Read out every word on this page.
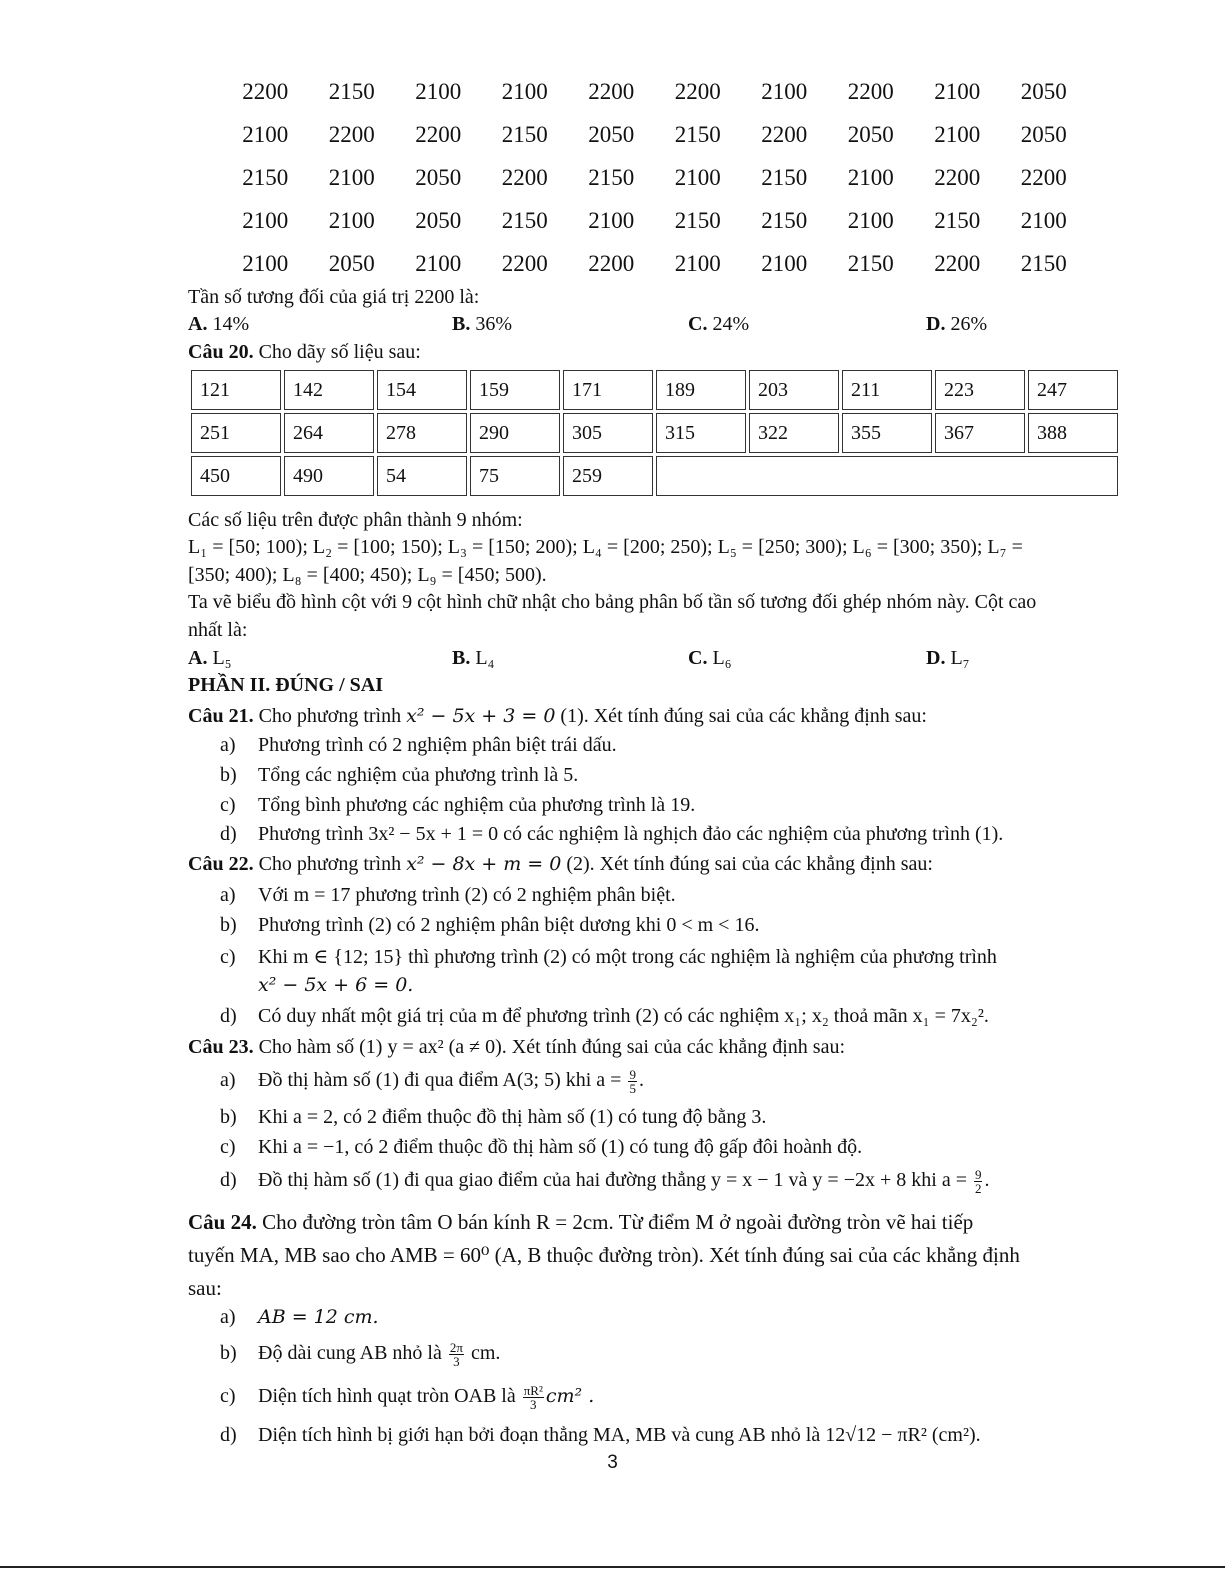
2200	2150	2100	2100	2200	2200	2100	2200	2100	2050
2100	2200	2200	2150	2050	2150	2200	2050	2100	2050
2150	2100	2050	2200	2150	2100	2150	2100	2200	2200
2100	2100	2050	2150	2100	2150	2150	2100	2150	2100
2100	2050	2100	2200	2200	2100	2100	2150	2200	2150
Tần số tương đối của giá trị 2200 là:
A. 14%	B. 36%	C. 24%	D. 26%
Câu 20. Cho dãy số liệu sau:
121	142	154	159	171	189	203	211	223	247
251	264	278	290	305	315	322	355	367	388
450	490	54	75	259					
Các số liệu trên được phân thành 9 nhóm:
L₁ = [50; 100); L₂ = [100; 150); L₃ = [150; 200); L₄ = [200; 250); L₅ = [250; 300); L₆ = [300; 350); L₇ =
[350; 400); L₈ = [400; 450); L₉ = [450; 500).
Ta vẽ biểu đồ hình cột với 9 cột hình chữ nhật cho bảng phân bố tần số tương đối ghép nhóm này. Cột cao
nhất là:
A. L₅	B. L₄	C. L₆	D. L₇
PHẦN II. ĐÚNG / SAI
Câu 21. Cho phương trình x² − 5x + 3 = 0 (1). Xét tính đúng sai của các khẳng định sau:
a) Phương trình có 2 nghiệm phân biệt trái dấu.
b) Tổng các nghiệm của phương trình là 5.
c) Tổng bình phương các nghiệm của phương trình là 19.
d) Phương trình 3x² − 5x + 1 = 0 có các nghiệm là nghịch đảo các nghiệm của phương trình (1).
Câu 22. Cho phương trình x² − 8x + m = 0 (2). Xét tính đúng sai của các khẳng định sau:
a) Với m = 17 phương trình (2) có 2 nghiệm phân biệt.
b) Phương trình (2) có 2 nghiệm phân biệt dương khi 0 < m < 16.
c) Khi m ∈ {12; 15} thì phương trình (2) có một trong các nghiệm là nghiệm của phương trình
x² − 5x + 6 = 0.
d) Có duy nhất một giá trị của m để phương trình (2) có các nghiệm x₁; x₂ thoả mãn x₁ = 7x₂².
Câu 23. Cho hàm số (1) y = ax² (a ≠ 0). Xét tính đúng sai của các khẳng định sau:
a) Đồ thị hàm số (1) đi qua điểm A(3; 5) khi $a = \frac{9}{5}$ .
b) Khi a = 2, có 2 điểm thuộc đồ thị hàm số (1) có tung độ bằng 3.
c) Khi a = −1, có 2 điểm thuộc đồ thị hàm số (1) có tung độ gấp đôi hoành độ.
d) Đồ thị hàm số (1) đi qua giao điểm của hai đường thẳng y = x − 1 và y = −2x + 8 khi $a = \frac{9}{2}$ .
Câu 24. Cho đường tròn tâm O bán kính R = 2cm. Từ điểm M ở ngoài đường tròn vẽ hai tiếp
tuyến MA, MB sao cho AMB = 60⁰ (A, B thuộc đường tròn). Xét tính đúng sai của các khẳng định
sau:
a) AB = 12 cm.
b) Độ dài cung AB nhỏ là $\frac{2\pi}{3}$ cm.
c) Diện tích hình quạt tròn OAB là $\frac{\text{πR²}}{3} cm^2$ .
d) Diện tích hình bị giới hạn bởi đoạn thẳng MA, MB và cung AB nhỏ là 12√12 − πR² (cm²).
3
